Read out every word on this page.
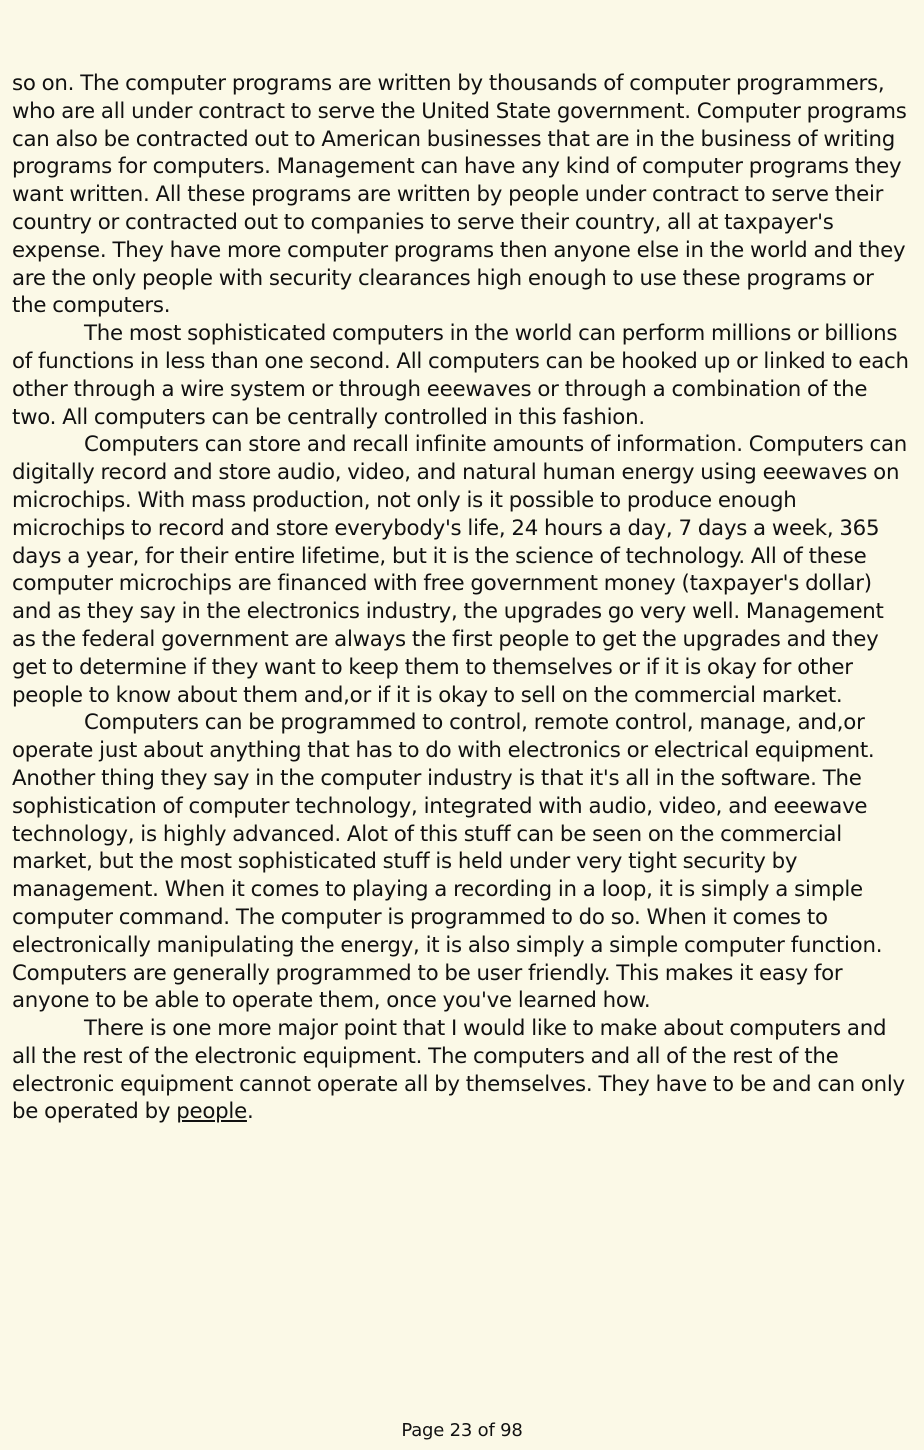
so on. The computer programs are written by thousands of computer programmers, who are all under contract to serve the United State government. Computer programs can also be contracted out to American businesses that are in the business of writing programs for computers. Management can have any kind of computer programs they want written. All these programs are written by people under contract to serve their country or contracted out to companies to serve their country, all at taxpayer's expense. They have more computer programs then anyone else in the world and they are the only people with security clearances high enough to use these programs or the computers.

The most sophisticated computers in the world can perform millions or billions of functions in less than one second. All computers can be hooked up or linked to each other through a wire system or through eeewaves or through a combination of the two. All computers can be centrally controlled in this fashion.

Computers can store and recall infinite amounts of information. Computers can digitally record and store audio, video, and natural human energy using eeewaves on microchips. With mass production, not only is it possible to produce enough microchips to record and store everybody's life, 24 hours a day, 7 days a week, 365 days a year, for their entire lifetime, but it is the science of technology. All of these computer microchips are financed with free government money (taxpayer's dollar) and as they say in the electronics industry, the upgrades go very well. Management as the federal government are always the first people to get the upgrades and they get to determine if they want to keep them to themselves or if it is okay for other people to know about them and,or if it is okay to sell on the commercial market.

Computers can be programmed to control, remote control, manage, and,or operate just about anything that has to do with electronics or electrical equipment. Another thing they say in the computer industry is that it's all in the software. The sophistication of computer technology, integrated with audio, video, and eeewave technology, is highly advanced. Alot of this stuff can be seen on the commercial market, but the most sophisticated stuff is held under very tight security by management. When it comes to playing a recording in a loop, it is simply a simple computer command. The computer is programmed to do so. When it comes to electronically manipulating the energy, it is also simply a simple computer function. Computers are generally programmed to be user friendly. This makes it easy for anyone to be able to operate them, once you've learned how.

There is one more major point that I would like to make about computers and all the rest of the electronic equipment. The computers and all of the rest of the electronic equipment cannot operate all by themselves. They have to be and can only be operated by people.

Page 23 of 98
